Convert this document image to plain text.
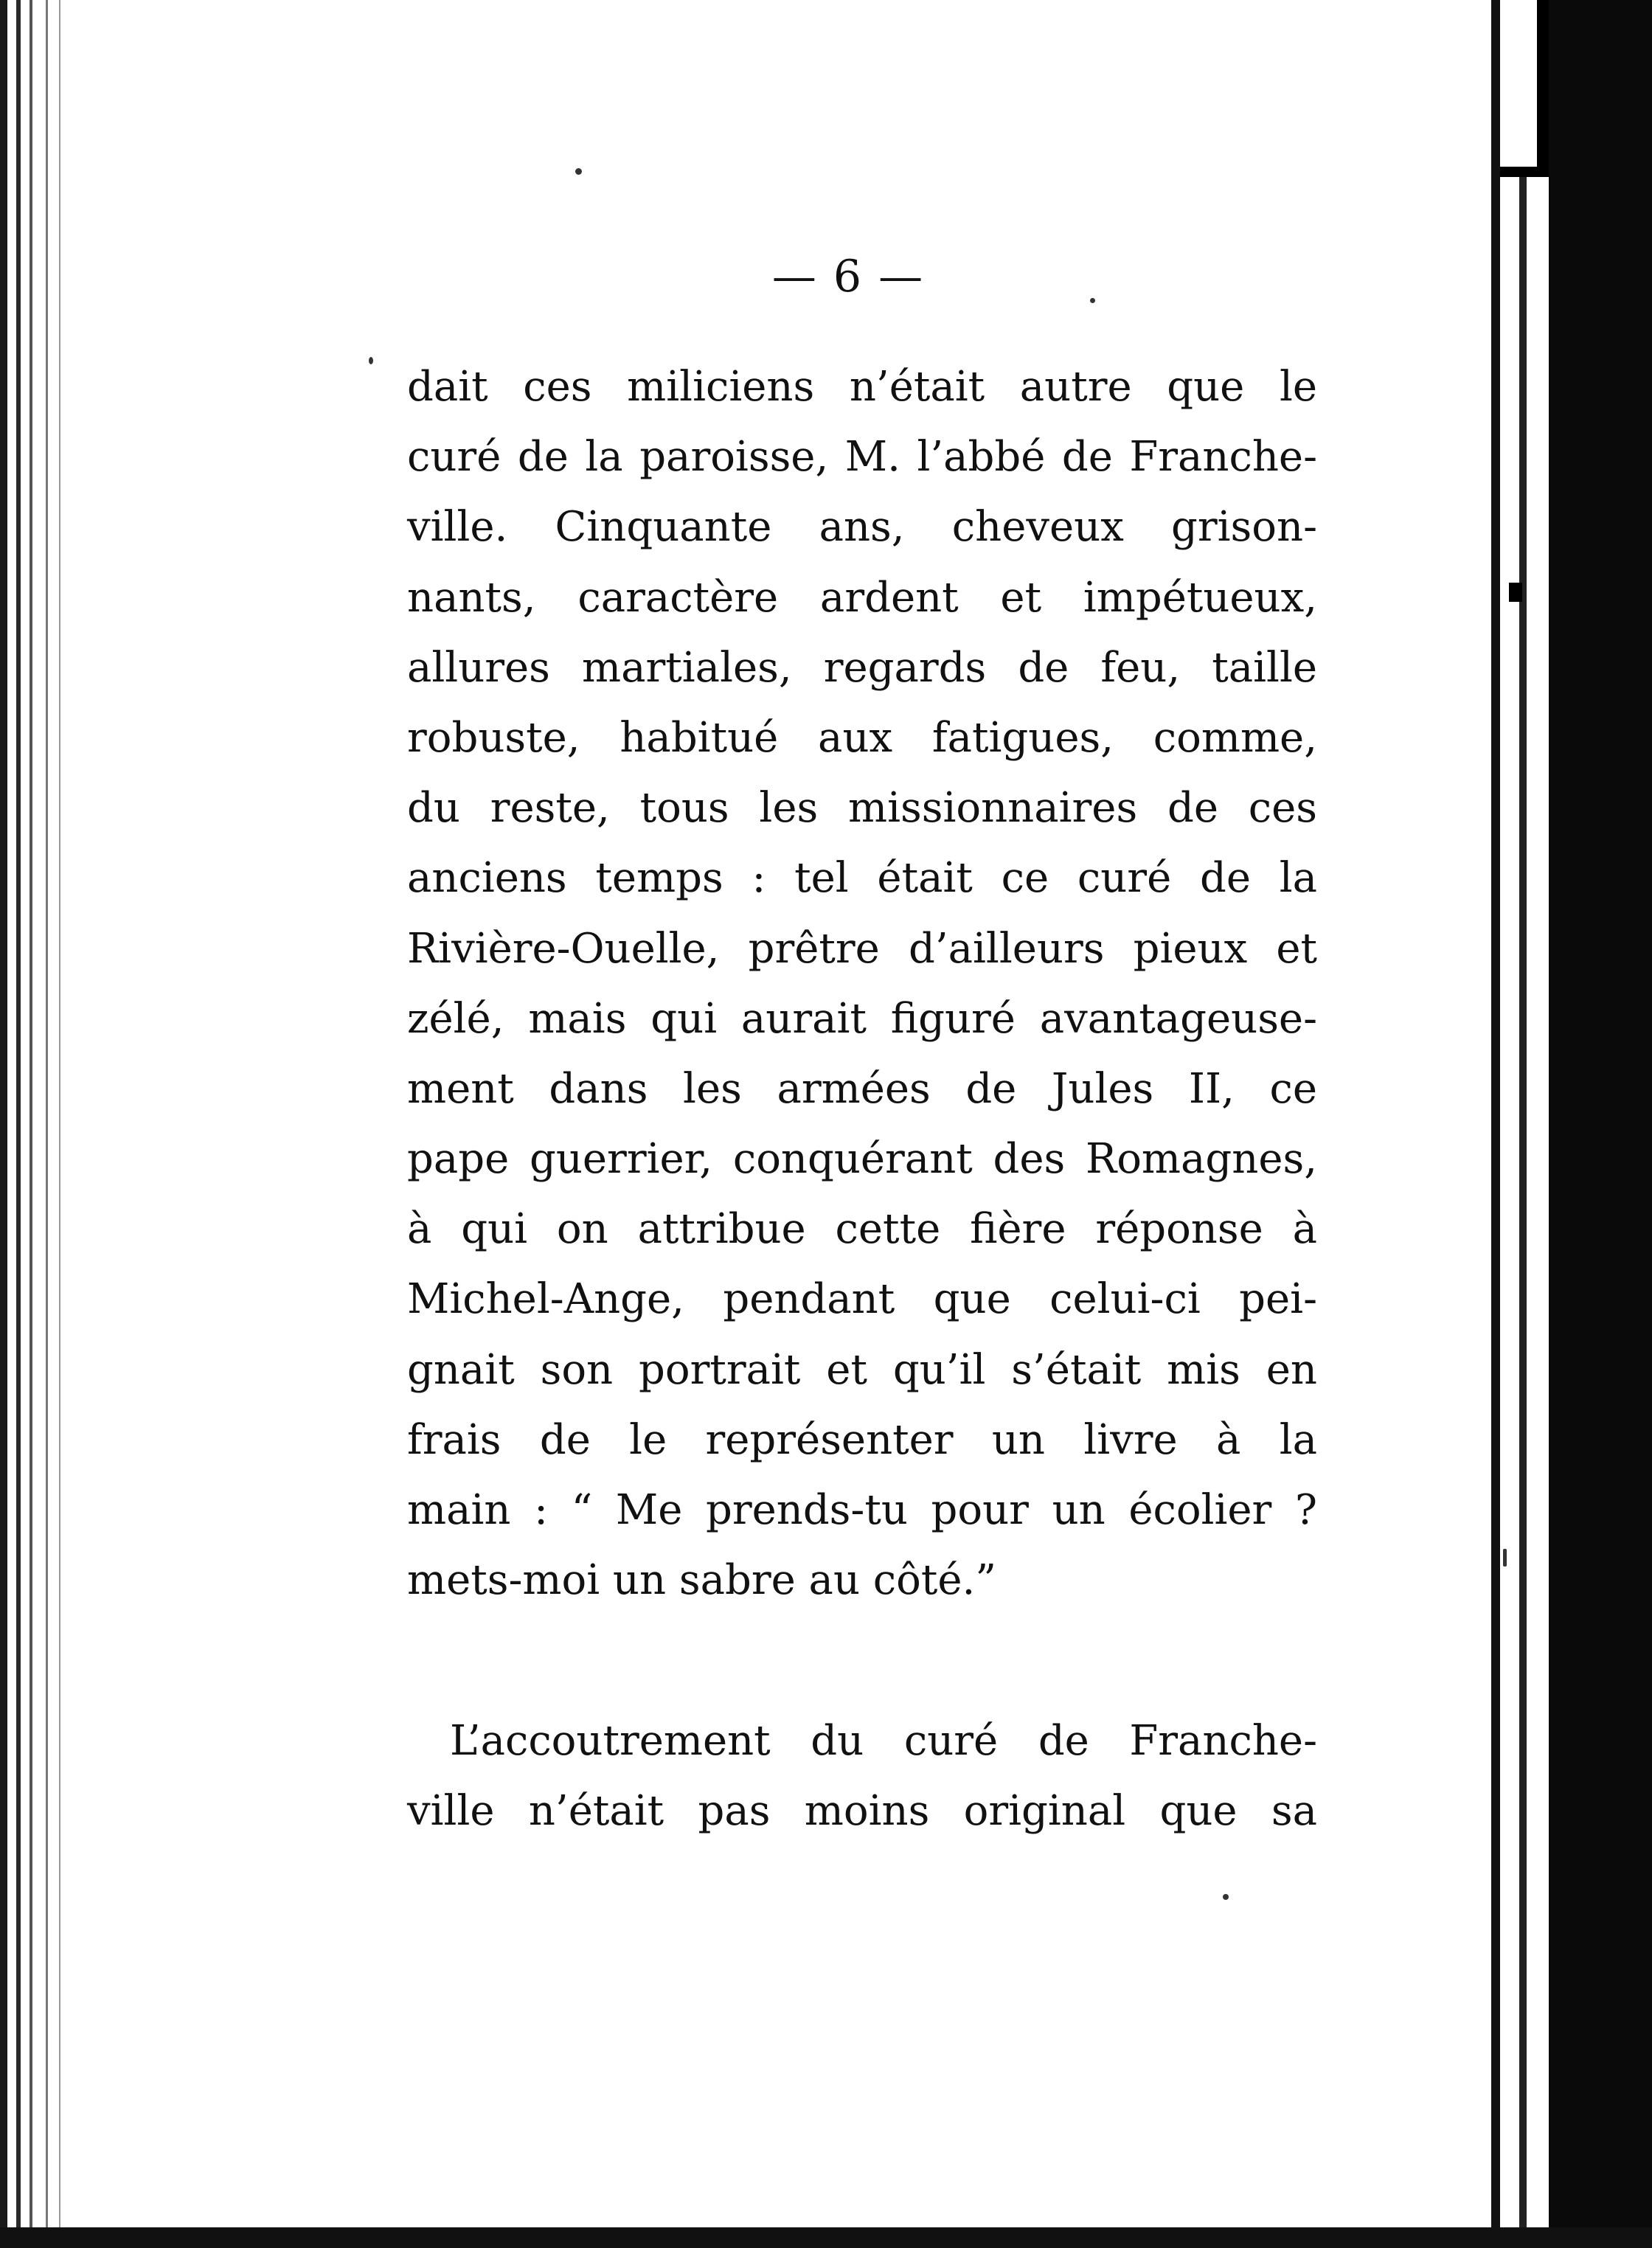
— 6 —
dait ces miliciens n’était autre que le
curé de la paroisse, M. l’abbé de Franche-
ville. Cinquante ans, cheveux grison-
nants, caractère ardent et impétueux,
allures martiales, regards de feu, taille
robuste, habitué aux fatigues, comme,
du reste, tous les missionnaires de ces
anciens temps : tel était ce curé de la
Rivière-Ouelle, prêtre d’ailleurs pieux et
zélé, mais qui aurait figuré avantageuse-
ment dans les armées de Jules II, ce
pape guerrier, conquérant des Romagnes,
à qui on attribue cette fière réponse à
Michel-Ange, pendant que celui-ci pei-
gnait son portrait et qu’il s’était mis en
frais de le représenter un livre à la
main : “ Me prends-tu pour un écolier ?
mets-moi un sabre au côté.”
L’accoutrement du curé de Franche-
ville n’était pas moins original que sa
